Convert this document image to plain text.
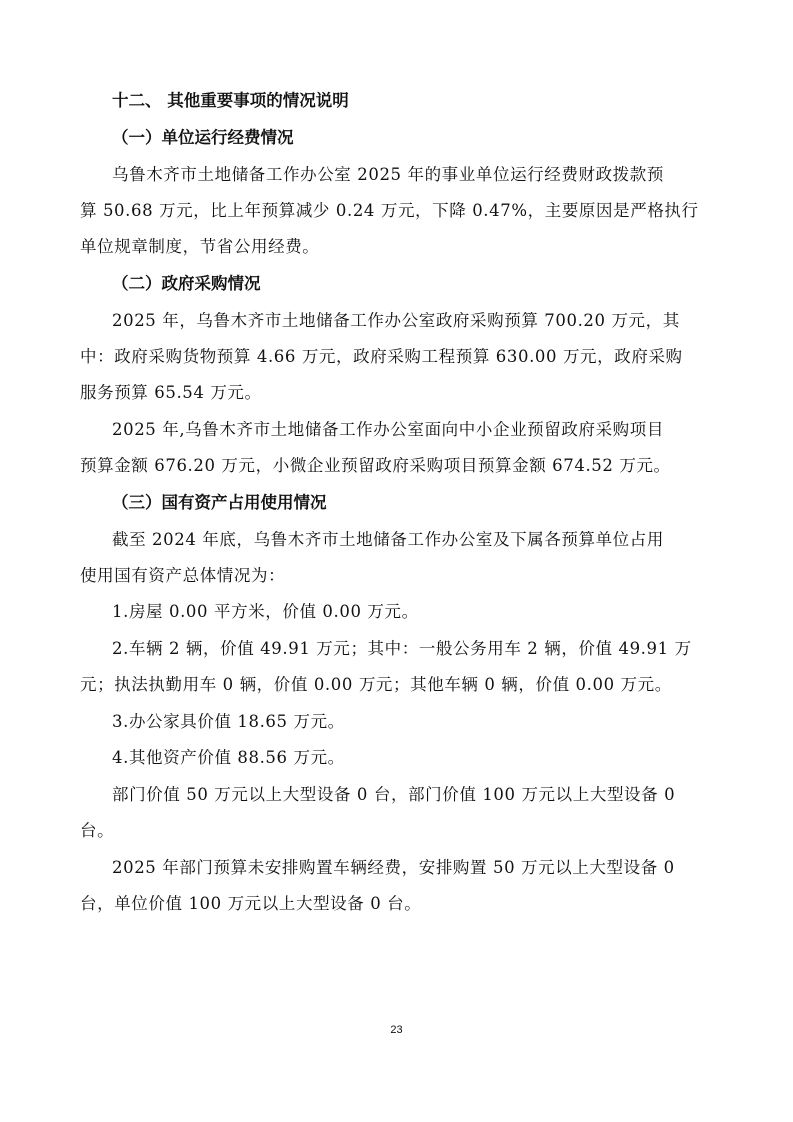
十二、 其他重要事项的情况说明
（一）单位运行经费情况
乌鲁木齐市土地储备工作办公室 2025 年的事业单位运行经费财政拨款预
算 50.68 万元，比上年预算减少 0.24 万元，下降 0.47%，主要原因是严格执行
单位规章制度，节省公用经费。
（二）政府采购情况
2025 年，乌鲁木齐市土地储备工作办公室政府采购预算 700.20 万元，其
中：政府采购货物预算 4.66 万元，政府采购工程预算 630.00 万元，政府采购
服务预算 65.54 万元。
2025 年,乌鲁木齐市土地储备工作办公室面向中小企业预留政府采购项目
预算金额 676.20 万元，小微企业预留政府采购项目预算金额 674.52 万元。
（三）国有资产占用使用情况
截至 2024 年底，乌鲁木齐市土地储备工作办公室及下属各预算单位占用
使用国有资产总体情况为：
1.房屋 0.00 平方米，价值 0.00 万元。
2.车辆 2 辆，价值 49.91 万元；其中：一般公务用车 2 辆，价值 49.91 万
元；执法执勤用车 0 辆，价值 0.00 万元；其他车辆 0 辆，价值 0.00 万元。
3.办公家具价值 18.65 万元。
4.其他资产价值 88.56 万元。
部门价值 50 万元以上大型设备 0 台，部门价值 100 万元以上大型设备 0
台。
2025 年部门预算未安排购置车辆经费，安排购置 50 万元以上大型设备 0
台，单位价值 100 万元以上大型设备 0 台。
23
